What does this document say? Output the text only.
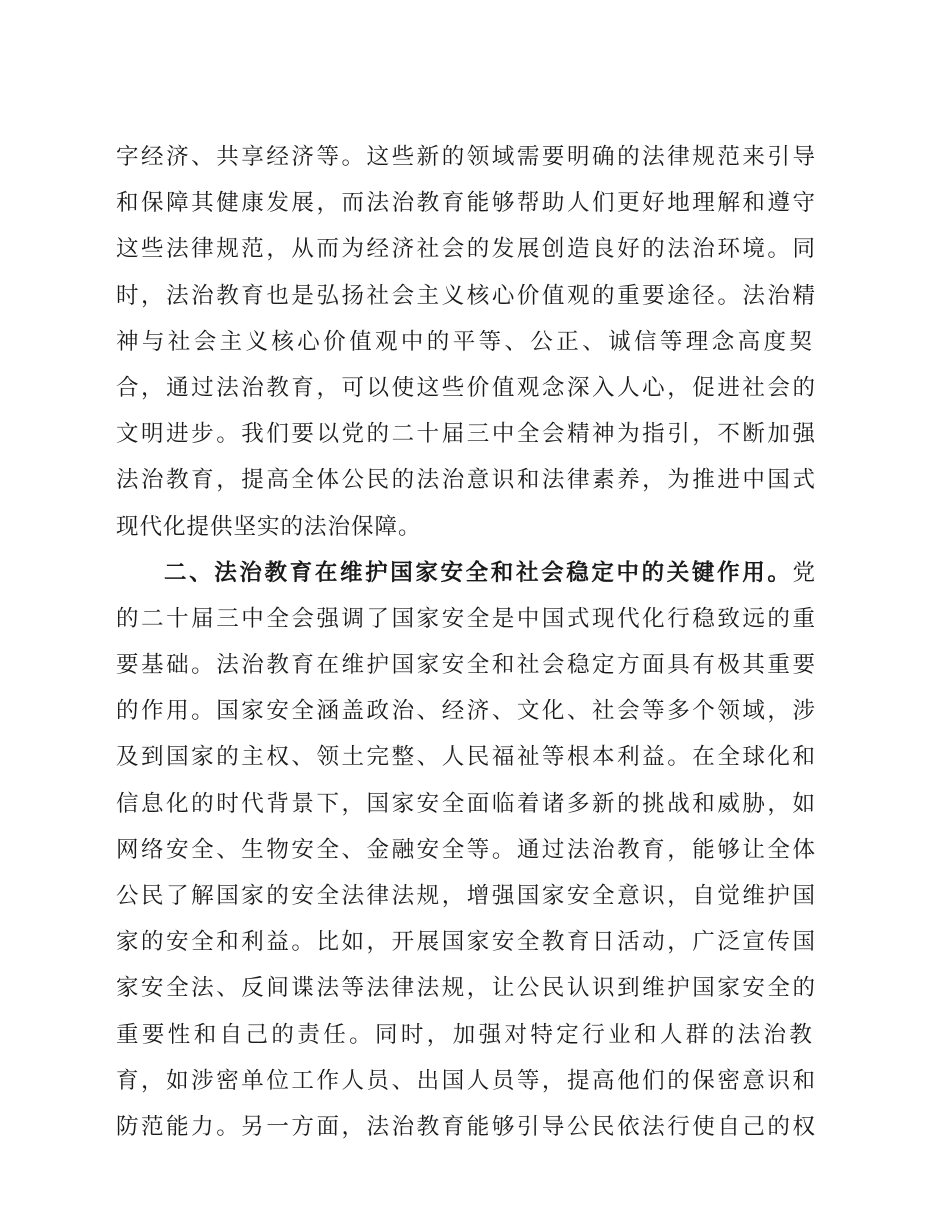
字经济、共享经济等。这些新的领域需要明确的法律规范来引导
和保障其健康发展，而法治教育能够帮助人们更好地理解和遵守
这些法律规范，从而为经济社会的发展创造良好的法治环境。同
时，法治教育也是弘扬社会主义核心价值观的重要途径。法治精
神与社会主义核心价值观中的平等、公正、诚信等理念高度契
合，通过法治教育，可以使这些价值观念深入人心，促进社会的
文明进步。我们要以党的二十届三中全会精神为指引，不断加强
法治教育，提高全体公民的法治意识和法律素养，为推进中国式
现代化提供坚实的法治保障。
二、法治教育在维护国家安全和社会稳定中的关键作用。党
的二十届三中全会强调了国家安全是中国式现代化行稳致远的重
要基础。法治教育在维护国家安全和社会稳定方面具有极其重要
的作用。国家安全涵盖政治、经济、文化、社会等多个领域，涉
及到国家的主权、领土完整、人民福祉等根本利益。在全球化和
信息化的时代背景下，国家安全面临着诸多新的挑战和威胁，如
网络安全、生物安全、金融安全等。通过法治教育，能够让全体
公民了解国家的安全法律法规，增强国家安全意识，自觉维护国
家的安全和利益。比如，开展国家安全教育日活动，广泛宣传国
家安全法、反间谍法等法律法规，让公民认识到维护国家安全的
重要性和自己的责任。同时，加强对特定行业和人群的法治教
育，如涉密单位工作人员、出国人员等，提高他们的保密意识和
防范能力。另一方面，法治教育能够引导公民依法行使自己的权
